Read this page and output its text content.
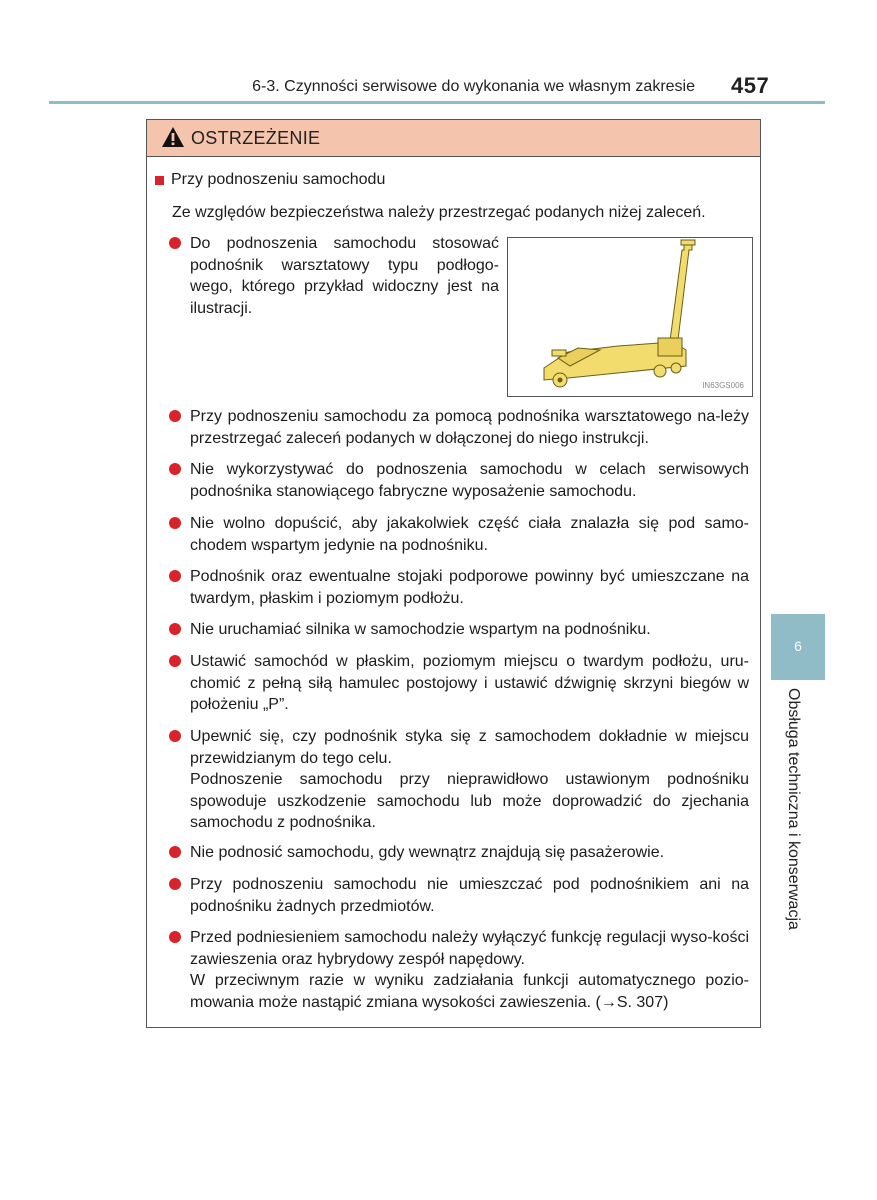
6-3. Czynności serwisowe do wykonania we własnym zakresie 457
OSTRZEŻENIE
Przy podnoszeniu samochodu
Ze względów bezpieczeństwa należy przestrzegać podanych niżej zaleceń.
IN63GS006

Do podnoszenia samochodu stosować podnośnik warsztatowy typu podłogo-wego, którego przykład widoczny jest na ilustracji.

Przy podnoszeniu samochodu za pomocą podnośnika warsztatowego na-leży przestrzegać zaleceń podanych w dołączonej do niego instrukcji.

Nie wykorzystywać do podnoszenia samochodu w celach serwisowych podnośnika stanowiącego fabryczne wyposażenie samochodu.

Nie wolno dopuścić, aby jakakolwiek część ciała znalazła się pod samo-chodem wspartym jedynie na podnośniku.

Podnośnik oraz ewentualne stojaki podporowe powinny być umieszczane na twardym, płaskim i poziomym podłożu.

Nie uruchamiać silnika w samochodzie wspartym na podnośniku.

Ustawić samochód w płaskim, poziomym miejscu o twardym podłożu, uru-chomić z pełną siłą hamulec postojowy i ustawić dźwignię skrzyni biegów w położeniu „P”.

Upewnić się, czy podnośnik styka się z samochodem dokładnie w miejscu przewidzianym do tego celu.

Podnoszenie samochodu przy nieprawidłowo ustawionym podnośniku spowoduje uszkodzenie samochodu lub może doprowadzić do zjechania samochodu z podnośnika.

Nie podnosić samochodu, gdy wewnątrz znajdują się pasażerowie.

Przy podnoszeniu samochodu nie umieszczać pod podnośnikiem ani na podnośniku żadnych przedmiotów.

Przed podniesieniem samochodu należy wyłączyć funkcję regulacji wyso-kości zawieszenia oraz hybrydowy zespół napędowy.

W przeciwnym razie w wyniku zadziałania funkcji automatycznego pozio-mowania może nastąpić zmiana wysokości zawieszenia. (→S. 307)

6
Obsługa techniczna i konserwacja
